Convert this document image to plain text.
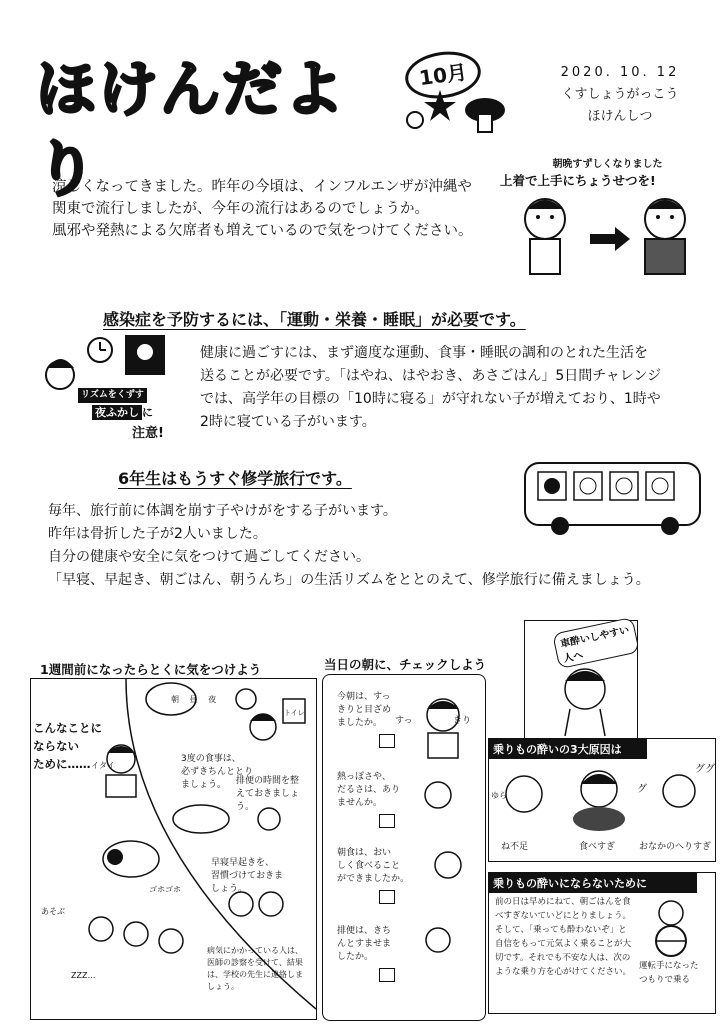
ほけんだより
10月	2020. 10. 12
くすしょうがっこう
ほけんしつ
涼しくなってきました。昨年の今頃は、インフルエンザが沖縄や
関東で流行しましたが、今年の流行はあるのでしょうか。
風邪や発熱による欠席者も増えているので気をつけてください。
朝晩すずしくなりました
上着で上手にちょうせつを!
感染症を予防するには、「運動・栄養・睡眠」が必要です。
健康に過ごすには、まず適度な運動、食事・睡眠の調和のとれた生活を
送ることが必要です。「はやね、はやおき、あさごはん」5日間チャレンジ
では、高学年の目標の「10時に寝る」が守れない子が増えており、1時や
2時に寝ている子がいます。
リズムをくずす
夜ふかし に
注意!
6年生はもうすぐ修学旅行です。
毎年、旅行前に体調を崩す子やけがをする子がいます。
昨年は骨折した子が2人いました。
自分の健康や安全に気をつけて過ごしてください。
「早寝、早起き、朝ごはん、朝うんち」の生活リズムをととのえて、修学旅行に備えましょう。
1週間前になったらとくに気をつけよう
朝 昼 夜
トイレ
イタイ
ゴホゴホ
ZZZ…
あそぶ
こんなことに
ならない
ために……	3度の食事は、
必ずきちんととり
ましょう。	排便の時間を整
えておきましょう。
早寝早起きを、
習慣づけておきま
しょう。
病気にかかっている人は、
医師の診察を受けて、結果
は、学校の先生に連絡しま
しょう。
当日の朝に、チェックしよう
すっ	きり
今朝は、すっ
きりと目ざめ
ましたか。
熱っぽさや、
だるさは、あり
ませんか。
朝食は、おい
しく食べること
ができましたか。
排便は、きち
んとすませま
したか。
車酔いしやすい人へ
乗りもの酔いの3大原因は
ゆら
グ
ググ
ね不足	食べすぎ	おなかのへりすぎ
乗りもの酔いにならないために
前の日は早めにねて、朝ごはんを食
べすぎないていどにとりましょう。
そして、「乗っても酔わないぞ」と
自信をもって元気よく乗ることが大
切です。それでも不安な人は、次の
ような乗り方を心がけてください。
運転手になった
つもりで乗る
